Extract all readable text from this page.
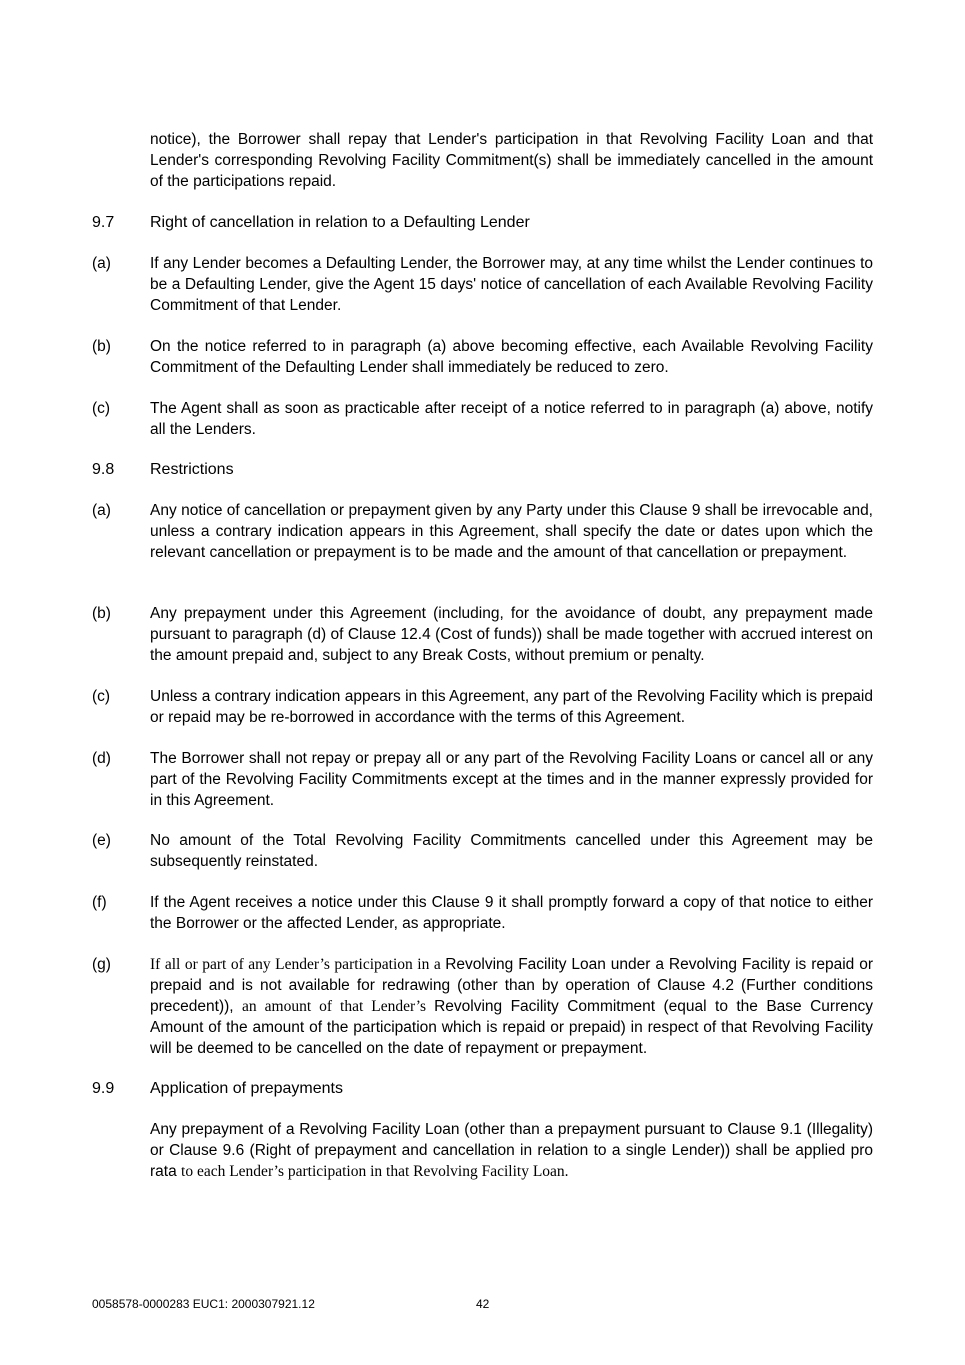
notice), the Borrower shall repay that Lender's participation in that Revolving Facility Loan and that Lender's corresponding Revolving Facility Commitment(s) shall be immediately cancelled in the amount of the participations repaid.
9.7 Right of cancellation in relation to a Defaulting Lender
(a)	If any Lender becomes a Defaulting Lender, the Borrower may, at any time whilst the Lender continues to be a Defaulting Lender, give the Agent 15 days' notice of cancellation of each Available Revolving Facility Commitment of that Lender.
(b)	On the notice referred to in paragraph (a) above becoming effective, each Available Revolving Facility Commitment of the Defaulting Lender shall immediately be reduced to zero.
(c)	The Agent shall as soon as practicable after receipt of a notice referred to in paragraph (a) above, notify all the Lenders.
9.8 Restrictions
(a)	Any notice of cancellation or prepayment given by any Party under this Clause 9 shall be irrevocable and, unless a contrary indication appears in this Agreement, shall specify the date or dates upon which the relevant cancellation or prepayment is to be made and the amount of that cancellation or prepayment.
(b)	Any prepayment under this Agreement (including, for the avoidance of doubt, any prepayment made pursuant to paragraph (d) of Clause 12.4 (Cost of funds)) shall be made together with accrued interest on the amount prepaid and, subject to any Break Costs, without premium or penalty.
(c)	Unless a contrary indication appears in this Agreement, any part of the Revolving Facility which is prepaid or repaid may be re-borrowed in accordance with the terms of this Agreement.
(d)	The Borrower shall not repay or prepay all or any part of the Revolving Facility Loans or cancel all or any part of the Revolving Facility Commitments except at the times and in the manner expressly provided for in this Agreement.
(e)	No amount of the Total Revolving Facility Commitments cancelled under this Agreement may be subsequently reinstated.
(f)	If the Agent receives a notice under this Clause 9 it shall promptly forward a copy of that notice to either the Borrower or the affected Lender, as appropriate.
(g)	If all or part of any Lender’s participation in a Revolving Facility Loan under a Revolving Facility is repaid or prepaid and is not available for redrawing (other than by operation of Clause 4.2 (Further conditions precedent)), an amount of that Lender’s Revolving Facility Commitment (equal to the Base Currency Amount of the amount of the participation which is repaid or prepaid) in respect of that Revolving Facility will be deemed to be cancelled on the date of repayment or prepayment.
9.9 Application of prepayments
Any prepayment of a Revolving Facility Loan (other than a prepayment pursuant to Clause 9.1 (Illegality) or Clause 9.6 (Right of prepayment and cancellation in relation to a single Lender)) shall be applied pro rata to each Lender’s participation in that Revolving Facility Loan.
0058578-0000283 EUC1: 2000307921.12	42
